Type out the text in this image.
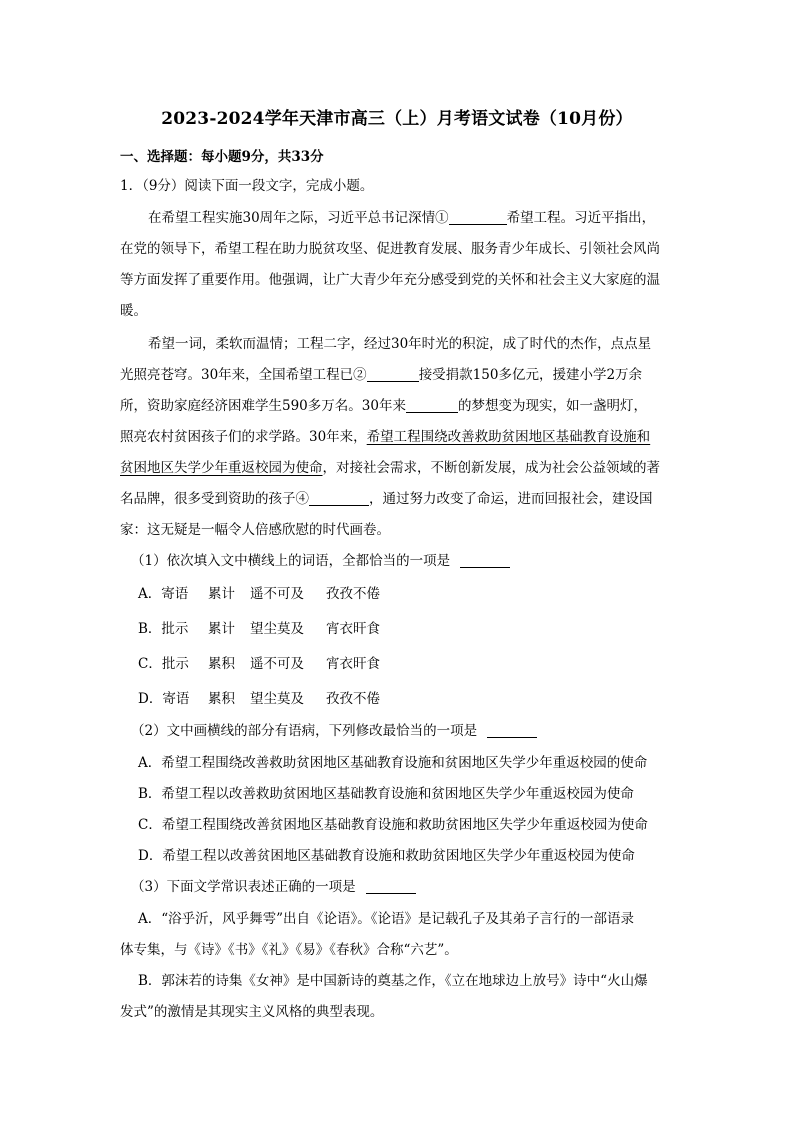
2023-2024学年天津市高三（上）月考语文试卷（10月份）
一、选择题：每小题9分，共33分
1．（9分）阅读下面一段文字，完成小题。
在希望工程实施30周年之际，习近平总书记深情①	希望工程。习近平指出，
在党的领导下，希望工程在助力脱贫攻坚、促进教育发展、服务青少年成长、引领社会风尚
等方面发挥了重要作用。他强调，让广大青少年充分感受到党的关怀和社会主义大家庭的温
暖。
希望一词，柔软而温情；工程二字，经过30年时光的积淀，成了时代的杰作，点点星
光照亮苍穹。30年来，全国希望工程已②	接受捐款150多亿元，援建小学2万余
所，资助家庭经济困难学生590多万名。30年来	的梦想变为现实，如一盏明灯，
照亮农村贫困孩子们的求学路。30年来，希望工程围绕改善救助贫困地区基础教育设施和
贫困地区失学少年重返校园为使命，对接社会需求，不断创新发展，成为社会公益领域的著
名品牌，很多受到资助的孩子④	，通过努力改变了命运，进而回报社会，建设国
家：这无疑是一幅令人倍感欣慰的时代画卷。
（1）依次填入文中横线上的词语，全都恰当的一项是
A．寄语 累计 遥不可及 孜孜不倦
B．批示 累计 望尘莫及 宵衣旰食
C．批示 累积 遥不可及 宵衣旰食
D．寄语 累积 望尘莫及 孜孜不倦
（2）文中画横线的部分有语病，下列修改最恰当的一项是
A．希望工程围绕改善救助贫困地区基础教育设施和贫困地区失学少年重返校园的使命
B．希望工程以改善救助贫困地区基础教育设施和贫困地区失学少年重返校园为使命
C．希望工程围绕改善贫困地区基础教育设施和救助贫困地区失学少年重返校园为使命
D．希望工程以改善贫困地区基础教育设施和救助贫困地区失学少年重返校园为使命
（3）下面文学常识表述正确的一项是
A．“浴乎沂，风乎舞雩”出自《论语》。《论语》是记载孔子及其弟子言行的一部语录
体专集，与《诗》《书》《礼》《易》《春秋》合称“六艺”。
B．郭沫若的诗集《女神》是中国新诗的奠基之作，《立在地球边上放号》诗中“火山爆
发式”的激情是其现实主义风格的典型表现。
